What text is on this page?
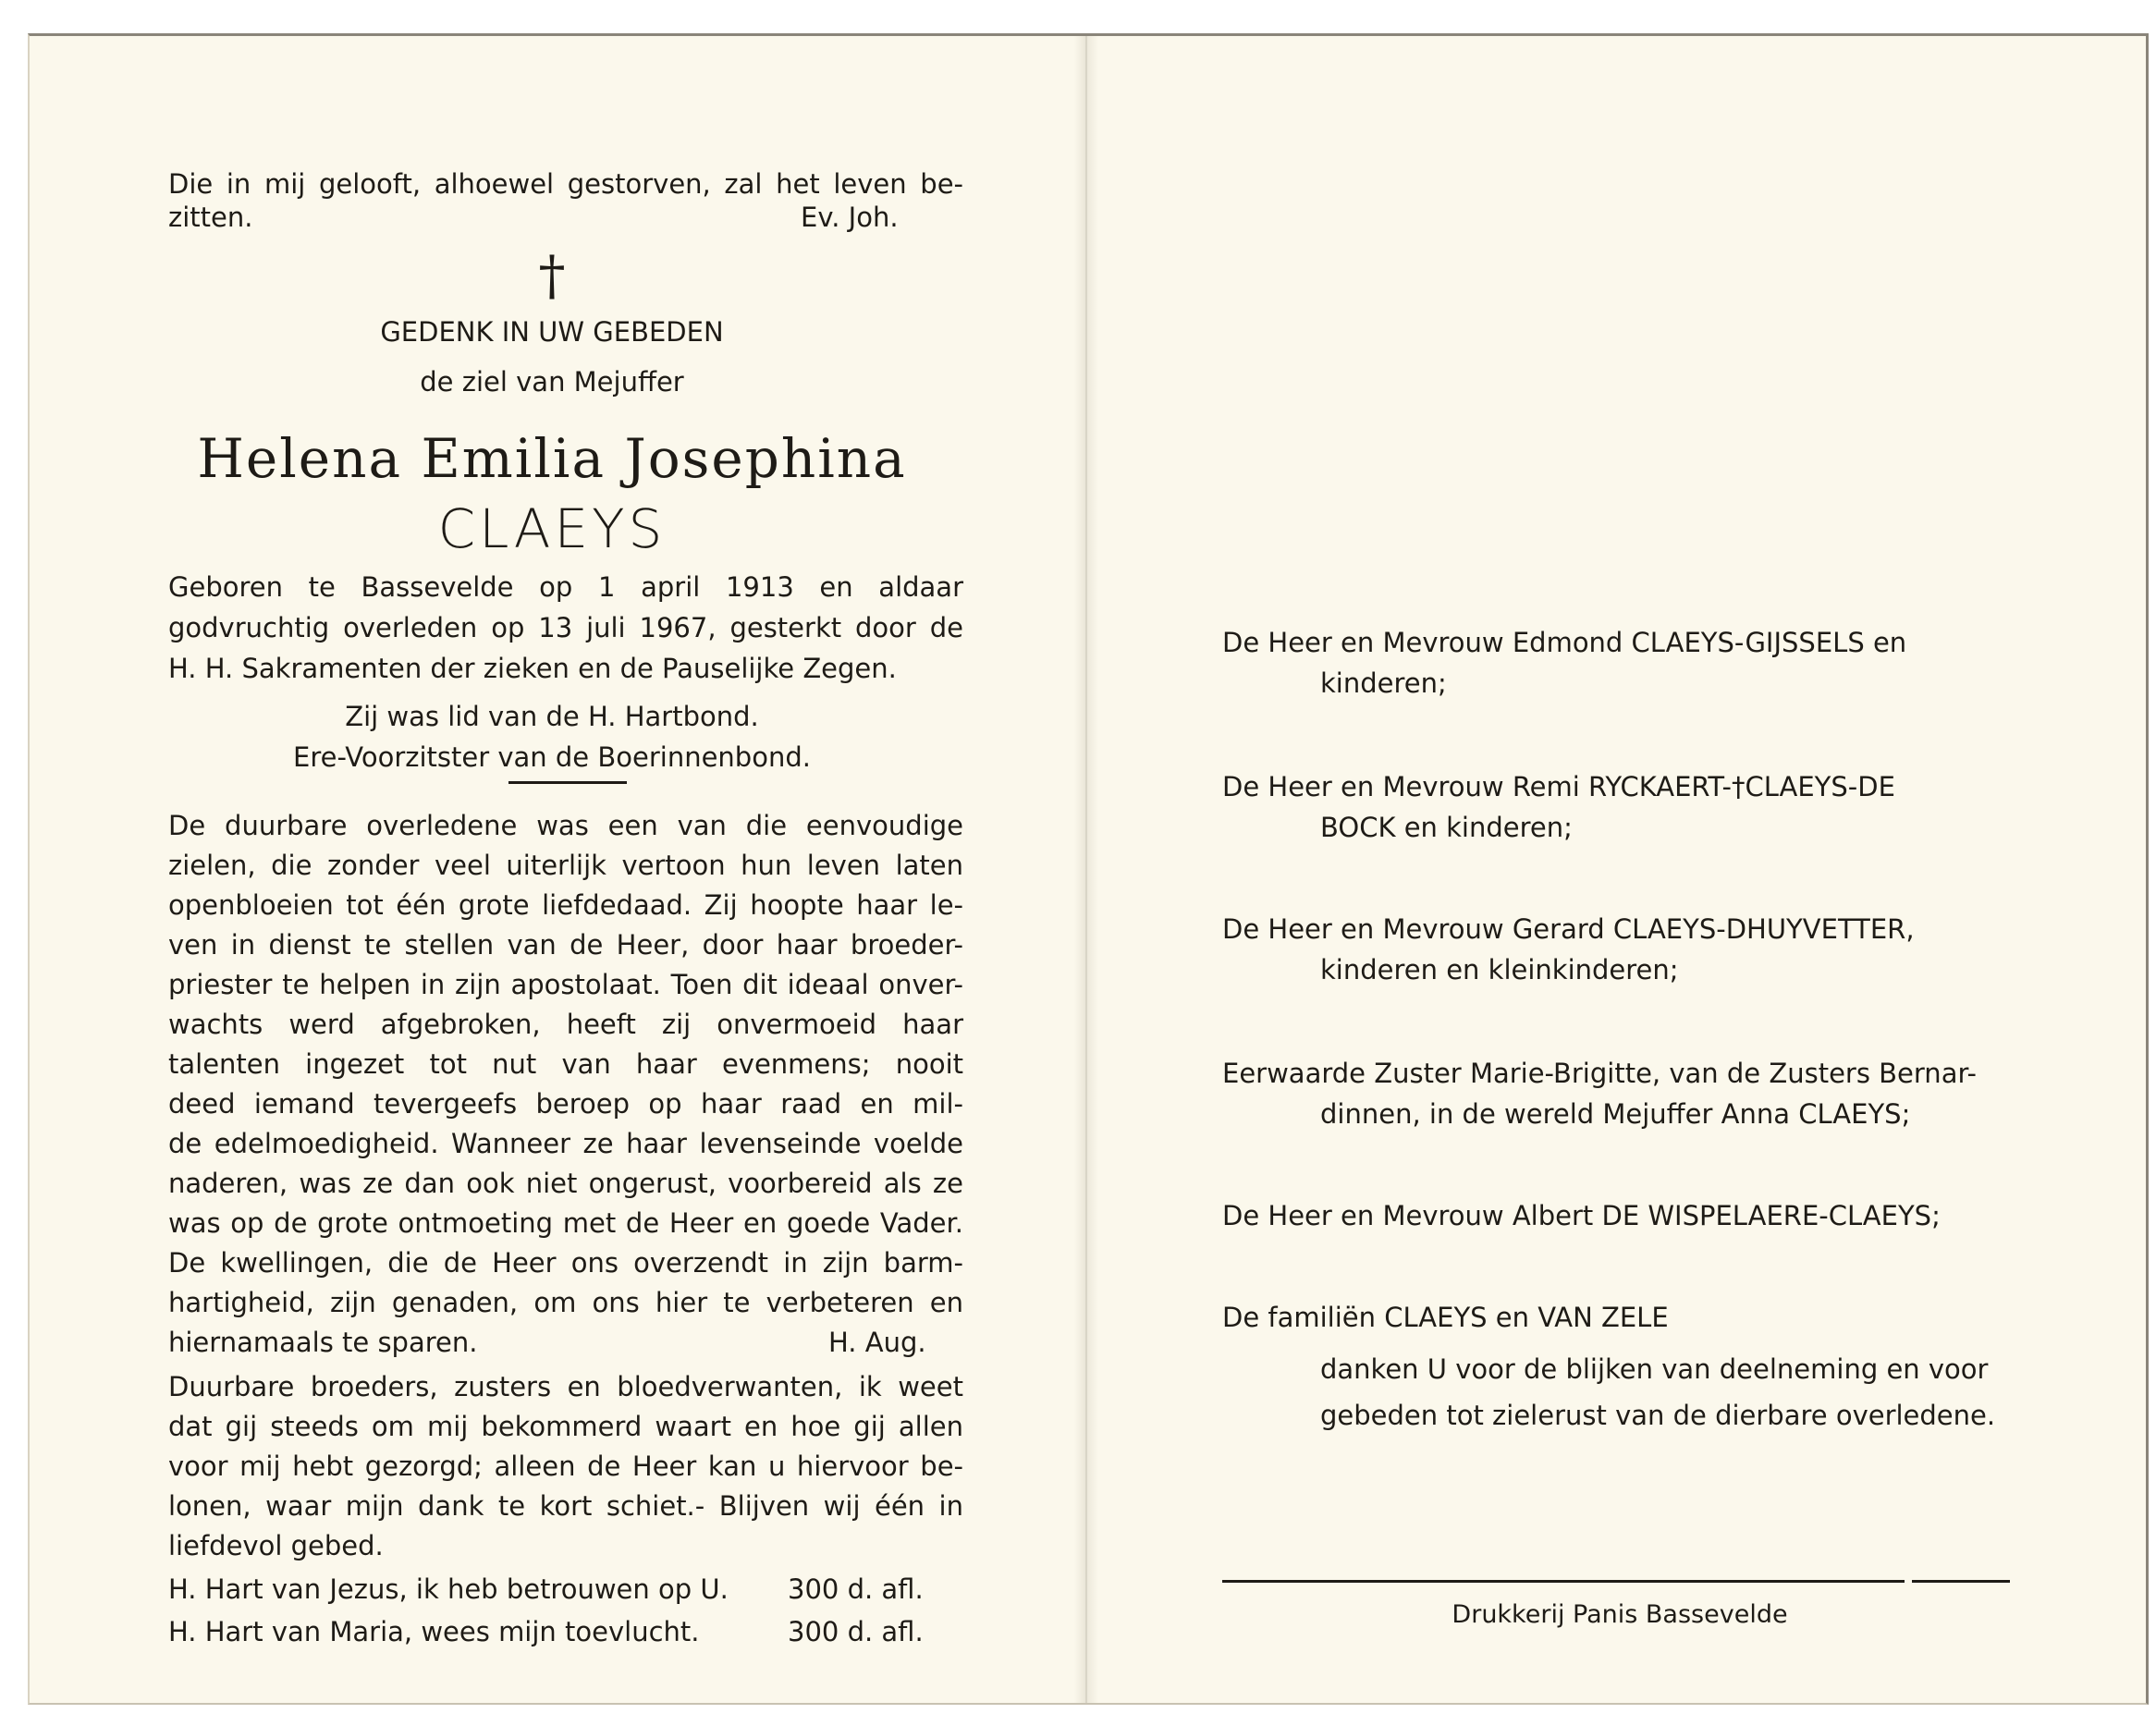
Die in mij gelooft, alhoewel gestorven, zal het leven be-
zitten.	Ev. Joh.
†
GEDENK IN UW GEBEDEN
de ziel van Mejuffer
Helena Emilia Josephina
CLAEYS
Geboren te Bassevelde op 1 april 1913 en aldaar
godvruchtig overleden op 13 juli 1967, gesterkt door de
H. H. Sakramenten der zieken en de Pauselijke Zegen.
Zij was lid van de H. Hartbond.
Ere-Voorzitster van de Boerinnenbond.
De duurbare overledene was een van die eenvoudige
zielen, die zonder veel uiterlijk vertoon hun leven laten
openbloeien tot één grote liefdedaad. Zij hoopte haar le-
ven in dienst te stellen van de Heer, door haar broeder-
priester te helpen in zijn apostolaat. Toen dit ideaal onver-
wachts werd afgebroken, heeft zij onvermoeid haar
talenten ingezet tot nut van haar evenmens; nooit
deed iemand tevergeefs beroep op haar raad en mil-
de edelmoedigheid. Wanneer ze haar levenseinde voelde
naderen, was ze dan ook niet ongerust, voorbereid als ze
was op de grote ontmoeting met de Heer en goede Vader.
De kwellingen, die de Heer ons overzendt in zijn barm-
hartigheid, zijn genaden, om ons hier te verbeteren en
hiernamaals te sparen.	H. Aug.
Duurbare broeders, zusters en bloedverwanten, ik weet
dat gij steeds om mij bekommerd waart en hoe gij allen
voor mij hebt gezorgd; alleen de Heer kan u hiervoor be-
lonen, waar mijn dank te kort schiet.- Blijven wij één in
liefdevol gebed.
H. Hart van Jezus, ik heb betrouwen op U. 300 d. afl.
H. Hart van Maria, wees mijn toevlucht.	300 d. afl.
De Heer en Mevrouw Edmond CLAEYS-GIJSSELS en
kinderen;
De Heer en Mevrouw Remi RYCKAERT-†CLAEYS-DE
BOCK en kinderen;
De Heer en Mevrouw Gerard CLAEYS-DHUYVETTER,
kinderen en kleinkinderen;
Eerwaarde Zuster Marie-Brigitte, van de Zusters Bernar-
dinnen, in de wereld Mejuffer Anna CLAEYS;
De Heer en Mevrouw Albert DE WISPELAERE-CLAEYS;
De familiën CLAEYS en VAN ZELE
danken U voor de blijken van deelneming en voor
gebeden tot zielerust van de dierbare overledene.
Drukkerij Panis Bassevelde
